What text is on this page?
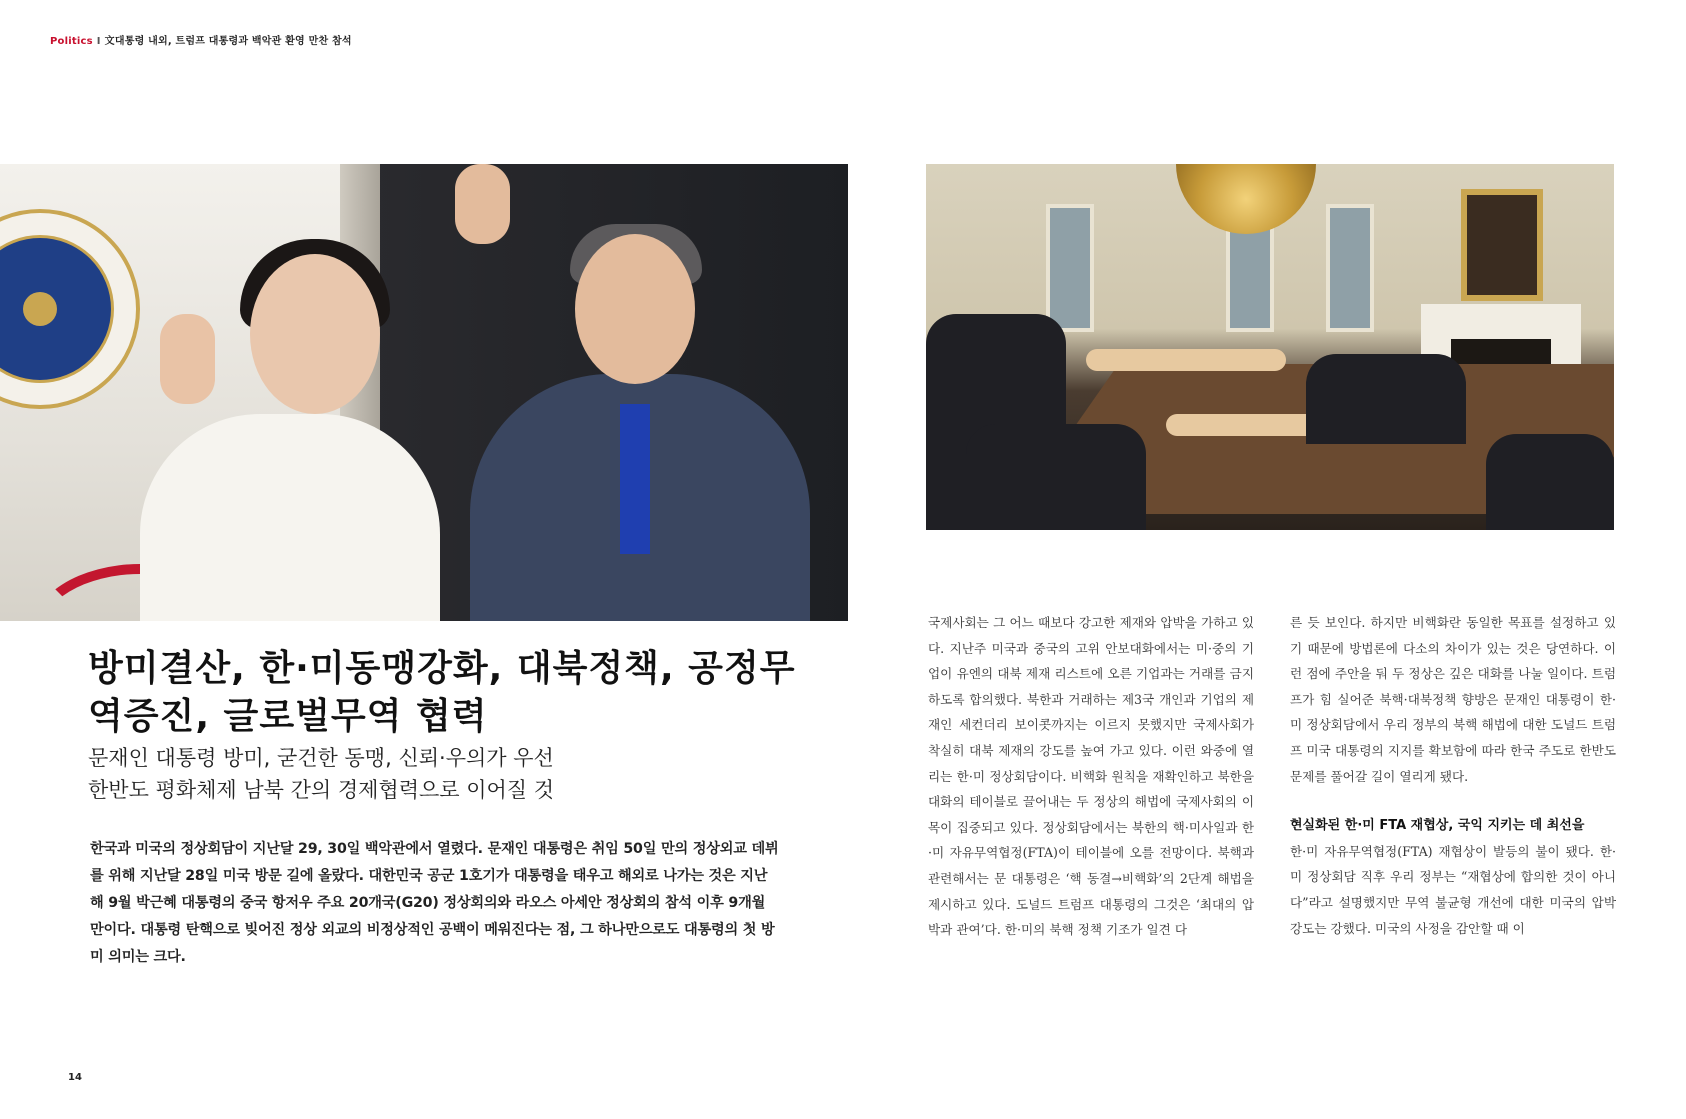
Politics I 文대통령 내외, 트럼프 대통령과 백악관 환영 만찬 참석
방미결산, 한·미동맹강화, 대북정책, 공정무역증진, 글로벌무역 협력
문재인 대통령 방미, 굳건한 동맹, 신뢰·우의가 우선
한반도 평화체제 남북 간의 경제협력으로 이어질 것

한국과 미국의 정상회담이 지난달 29, 30일 백악관에서 열렸다. 문재인 대통령은 취임 50일 만의 정상외교 데뷔를 위해 지난달 28일 미국 방문 길에 올랐다. 대한민국 공군 1호기가 대통령을 태우고 해외로 나가는 것은 지난해 9월 박근혜 대통령의 중국 항저우 주요 20개국(G20) 정상회의와 라오스 아세안 정상회의 참석 이후 9개월 만이다. 대통령 탄핵으로 빚어진 정상 외교의 비정상적인 공백이 메워진다는 점, 그 하나만으로도 대통령의 첫 방미 의미는 크다.

국제사회는 그 어느 때보다 강고한 제재와 압박을 가하고 있다. 지난주 미국과 중국의 고위 안보대화에서는 미·중의 기업이 유엔의 대북 제재 리스트에 오른 기업과는 거래를 금지하도록 합의했다. 북한과 거래하는 제3국 개인과 기업의 제재인 세컨더리 보이콧까지는 이르지 못했지만 국제사회가 착실히 대북 제재의 강도를 높여 가고 있다. 이런 와중에 열리는 한·미 정상회담이다. 비핵화 원칙을 재확인하고 북한을 대화의 테이블로 끌어내는 두 정상의 해법에 국제사회의 이목이 집중되고 있다. 정상회담에서는 북한의 핵·미사일과 한·미 자유무역협정(FTA)이 테이블에 오를 전망이다. 북핵과 관련해서는 문 대통령은 ‘핵 동결→비핵화’의 2단계 해법을 제시하고 있다. 도널드 트럼프 대통령의 그것은 ‘최대의 압박과 관여’다. 한·미의 북핵 정책 기조가 일견 다

른 듯 보인다. 하지만 비핵화란 동일한 목표를 설정하고 있기 때문에 방법론에 다소의 차이가 있는 것은 당연하다. 이런 점에 주안을 둬 두 정상은 깊은 대화를 나눌 일이다. 트럼프가 힘 실어준 북핵·대북정책 향방은 문재인 대통령이 한·미 정상회담에서 우리 정부의 북핵 해법에 대한 도널드 트럼프 미국 대통령의 지지를 확보함에 따라 한국 주도로 한반도 문제를 풀어갈 길이 열리게 됐다.

현실화된 한·미 FTA 재협상, 국익 지키는 데 최선을

한·미 자유무역협정(FTA) 재협상이 발등의 불이 됐다. 한·미 정상회담 직후 우리 정부는 “재협상에 합의한 것이 아니다”라고 설명했지만 무역 불균형 개선에 대한 미국의 압박 강도는 강했다. 미국의 사정을 감안할 때 이

14
